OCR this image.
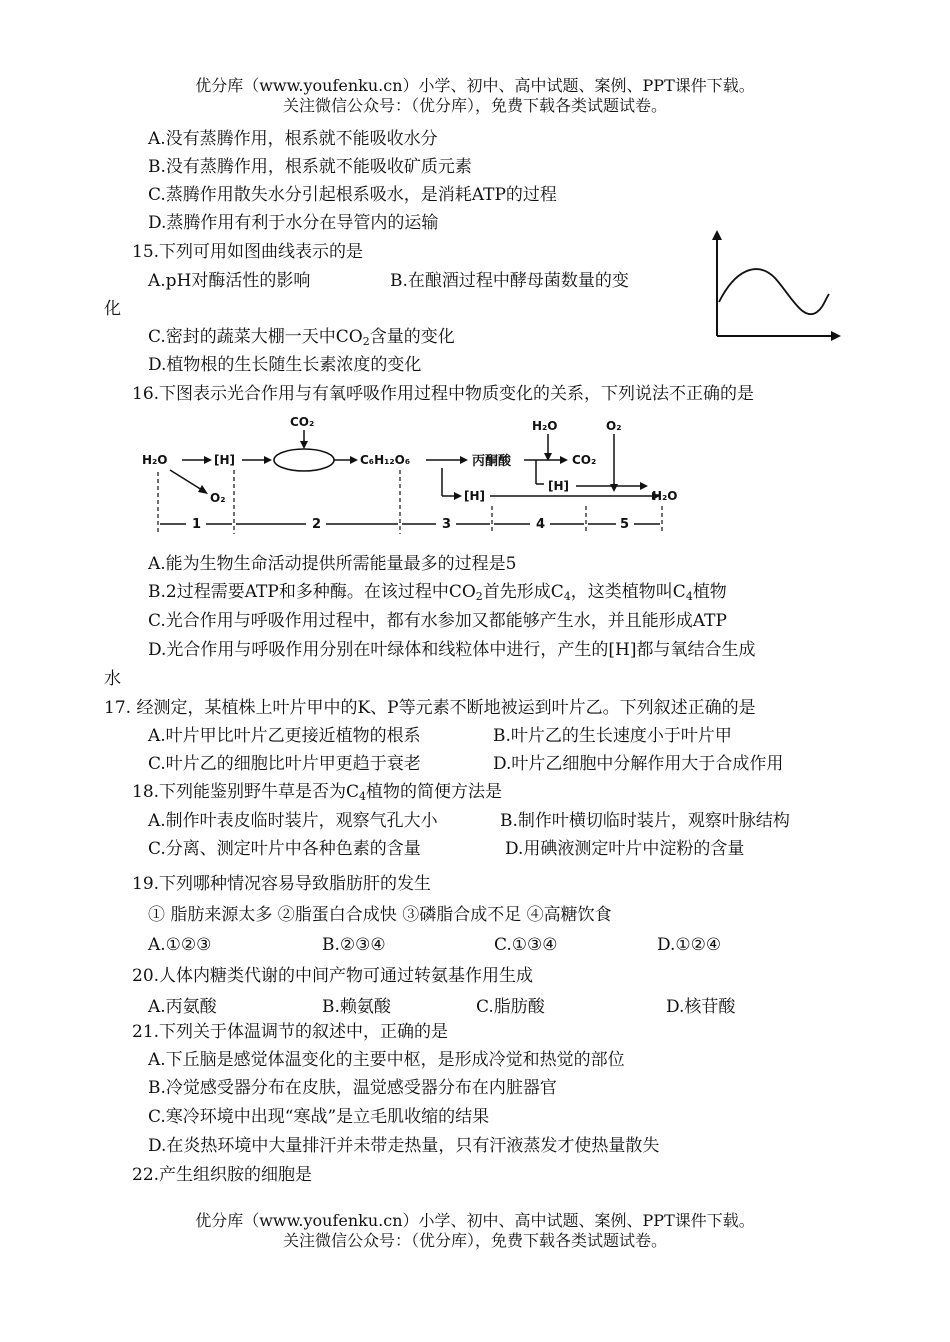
优分库（www.youfenku.cn）小学、初中、高中试题、案例、PPT课件下载。
关注微信公众号：（优分库），免费下载各类试题试卷。
A.没有蒸腾作用，根系就不能吸收水分
B.没有蒸腾作用，根系就不能吸收矿质元素
C.蒸腾作用散失水分引起根系吸水，是消耗ATP的过程
D.蒸腾作用有利于水分在导管内的运输
15.下列可用如图曲线表示的是
A.pH对酶活性的影响	B.在酿酒过程中酵母菌数量的变
化
C.密封的蔬菜大棚一天中$CO_2$含量的变化
D.植物根的生长随生长素浓度的变化
16.下图表示光合作用与有氧呼吸作用过程中物质变化的关系，下列说法不正确的是
H₂O	[H]
CO₂
C₆H₁₂O₆
O₂
丙酮酸
[H]
H₂O
CO₂
[H]
O₂
H₂O
1	2	3	4	5
A.能为生物生命活动提供所需能量最多的过程是5
B.2过程需要ATP和多种酶。在该过程中$CO_2$首先形成$C_4$，这类植物叫$C_4$植物
C.光合作用与呼吸作用过程中，都有水参加又都能够产生水，并且能形成ATP
D.光合作用与呼吸作用分别在叶绿体和线粒体中进行，产生的[H]都与氧结合生成
水
17. 经测定，某植株上叶片甲中的K、P等元素不断地被运到叶片乙。下列叙述正确的是
A.叶片甲比叶片乙更接近植物的根系	B.叶片乙的生长速度小于叶片甲
C.叶片乙的细胞比叶片甲更趋于衰老	D.叶片乙细胞中分解作用大于合成作用
18.下列能鉴别野牛草是否为$C_4$植物的简便方法是
A.制作叶表皮临时装片，观察气孔大小	B.制作叶横切临时装片，观察叶脉结构
C.分离、测定叶片中各种色素的含量	D.用碘液测定叶片中淀粉的含量
19.下列哪种情况容易导致脂肪肝的发生
① 脂肪来源太多 ②脂蛋白合成快 ③磷脂合成不足 ④高糖饮食
A.①②③	B.②③④	C.①③④	D.①②④
20.人体内糖类代谢的中间产物可通过转氨基作用生成
A.丙氨酸	B.赖氨酸	C.脂肪酸	D.核苷酸
21.下列关于体温调节的叙述中，正确的是
A.下丘脑是感觉体温变化的主要中枢，是形成冷觉和热觉的部位
B.冷觉感受器分布在皮肤，温觉感受器分布在内脏器官
C.寒冷环境中出现“寒战”是立毛肌收缩的结果
D.在炎热环境中大量排汗并未带走热量，只有汗液蒸发才使热量散失
22.产生组织胺的细胞是
优分库（www.youfenku.cn）小学、初中、高中试题、案例、PPT课件下载。
关注微信公众号：（优分库），免费下载各类试题试卷。
